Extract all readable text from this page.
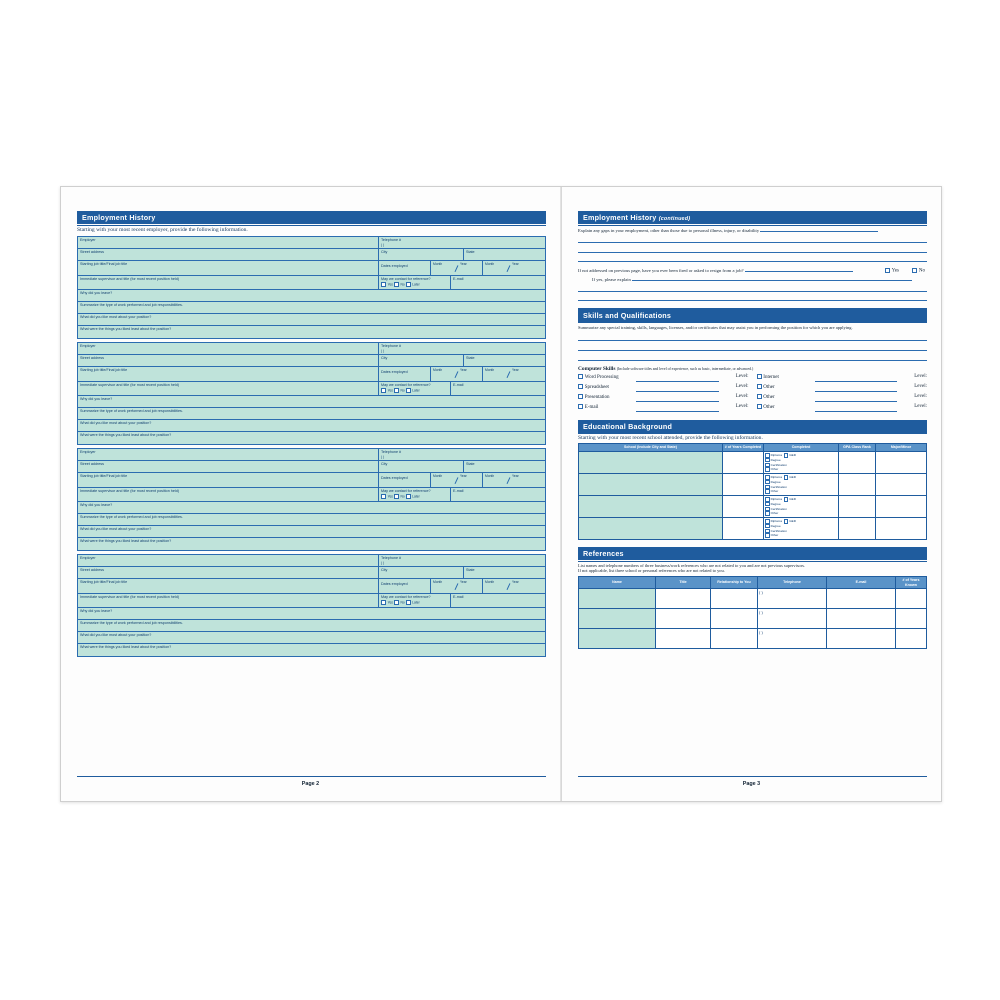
Employment History
Starting with your most recent employer, provide the following information.
Employer	Telephone #
( )
Street address	City	State
Starting job title/Final job title	Dates employed	Month	Year	Month	Year
Immediate supervisor and title (for most recent position held)	May we contact for reference?	E-mail
Yes No Later
Why did you leave?
Summarize the type of work performed and job responsibilities.
What did you like most about your position?
What were the things you liked least about the position?
Employer	Telephone #
( )
Street address	City	State
Starting job title/Final job title	Dates employed	Month	Year	Month	Year
Immediate supervisor and title (for most recent position held)	May we contact for reference?	E-mail
Yes No Later
Why did you leave?
Summarize the type of work performed and job responsibilities.
What did you like most about your position?
What were the things you liked least about the position?
Employer	Telephone #
( )
Street address	City	State
Starting job title/Final job title	Dates employed	Month	Year	Month	Year
Immediate supervisor and title (for most recent position held)	May we contact for reference?	E-mail
Yes No Later
Why did you leave?
Summarize the type of work performed and job responsibilities.
What did you like most about your position?
What were the things you liked least about the position?
Employer	Telephone #
( )
Street address	City	State
Starting job title/Final job title	Dates employed	Month	Year	Month	Year
Immediate supervisor and title (for most recent position held)	May we contact for reference?	E-mail
Yes No Later
Why did you leave?
Summarize the type of work performed and job responsibilities.
What did you like most about your position?
What were the things you liked least about the position?
Page 2
Employment History (continued)
Explain any gaps in your employment, other than those due to personal illness, injury, or disability
If not addressed on previous page, have you ever been fired or asked to resign from a job?	Yes	No
If yes, please explain
Skills and Qualifications
Summarize any special training, skills, languages, licenses, and/or certificates that may assist you in performing the position for which you are applying.
Computer Skills (Include software titles and level of experience, such as basic, intermediate, or advanced.)
Word Processing	Level:
Spreadsheet	Level:
Presentation	Level:
E-mail	Level:
Internet	Level:
Other	Level:
Other	Level:
Other	Level:
Educational Background
Starting with your most recent school attended, provide the following information.
School (Include City and State)	# of Years Completed	Completed	GPA Class Rank	Major/Minor

		Diploma  GED
Degree
Certification
Other		

		Diploma  GED
Degree
Certification
Other		

		Diploma  GED
Degree
Certification
Other		

		Diploma  GED
Degree
Certification
Other		

References
List names and telephone numbers of three business/work references who are not related to you and are not previous supervisors.
If not applicable, list three school or personal references who are not related to you.
Name	Title	Relationship to You	Telephone	E-mail	# of Years Known
			( )		
			( )		
			( )		
Page 3
